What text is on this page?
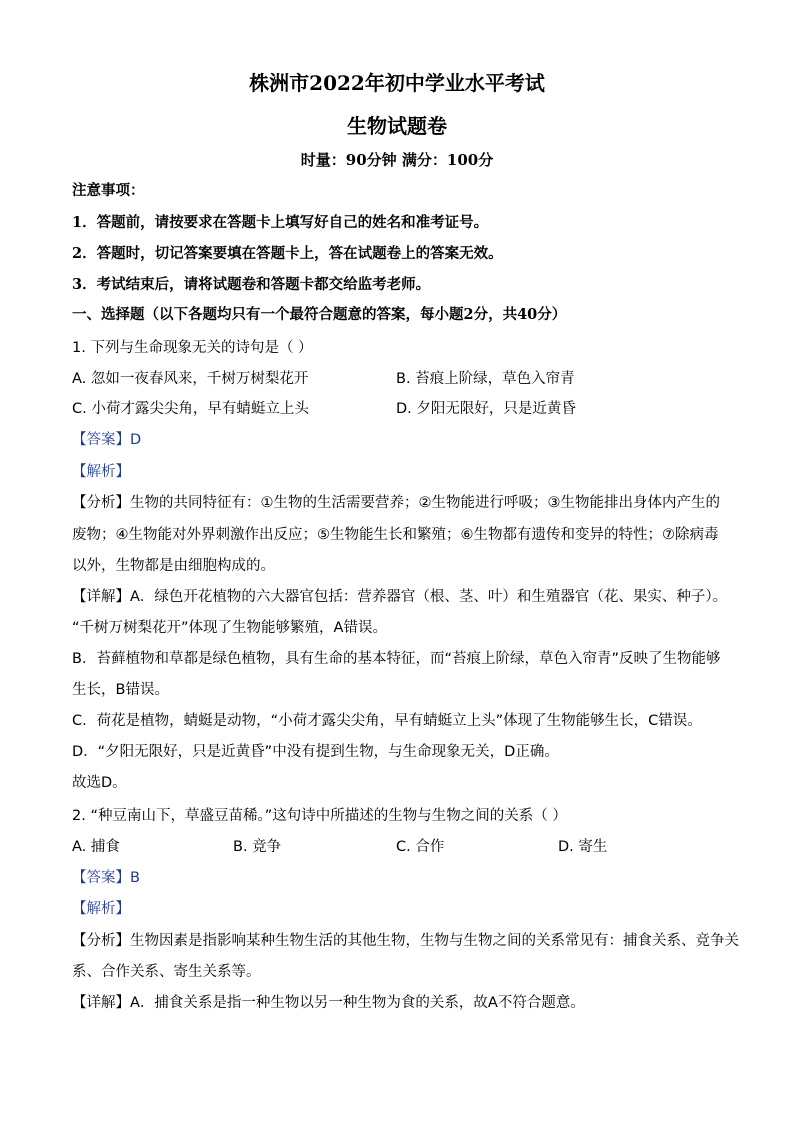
株洲市2022年初中学业水平考试
生物试题卷
时量：90分钟 满分：100分
注意事项：
1．答题前，请按要求在答题卡上填写好自己的姓名和准考证号。
2．答题时，切记答案要填在答题卡上，答在试题卷上的答案无效。
3．考试结束后，请将试题卷和答题卡都交给监考老师。
一、选择题（以下各题均只有一个最符合题意的答案，每小题2分，共40分）
1. 下列与生命现象无关的诗句是（ ）
A. 忽如一夜春风来，千树万树梨花开	B. 苔痕上阶绿，草色入帘青
C. 小荷才露尖尖角，早有蜻蜓立上头	D. 夕阳无限好，只是近黄昏
【答案】D
【解析】
【分析】生物的共同特征有：①生物的生活需要营养；②生物能进行呼吸；③生物能排出身体内产生的
废物；④生物能对外界刺激作出反应；⑤生物能生长和繁殖；⑥生物都有遗传和变异的特性；⑦除病毒
以外，生物都是由细胞构成的。
【详解】A．绿色开花植物的六大器官包括：营养器官（根、茎、叶）和生殖器官（花、果实、种子）。
“千树万树梨花开”体现了生物能够繁殖，A错误。
B．苔藓植物和草都是绿色植物，具有生命的基本特征，而“苔痕上阶绿，草色入帘青”反映了生物能够
生长，B错误。
C．荷花是植物，蜻蜓是动物，“小荷才露尖尖角，早有蜻蜓立上头”体现了生物能够生长，C错误。
D．“夕阳无限好，只是近黄昏”中没有提到生物，与生命现象无关，D正确。
故选D。
2. “种豆南山下，草盛豆苗稀。”这句诗中所描述的生物与生物之间的关系（ ）
A. 捕食	B. 竞争	C. 合作	D. 寄生
【答案】B
【解析】
【分析】生物因素是指影响某种生物生活的其他生物，生物与生物之间的关系常见有：捕食关系、竞争关
系、合作关系、寄生关系等。
【详解】A．捕食关系是指一种生物以另一种生物为食的关系，故A不符合题意。
